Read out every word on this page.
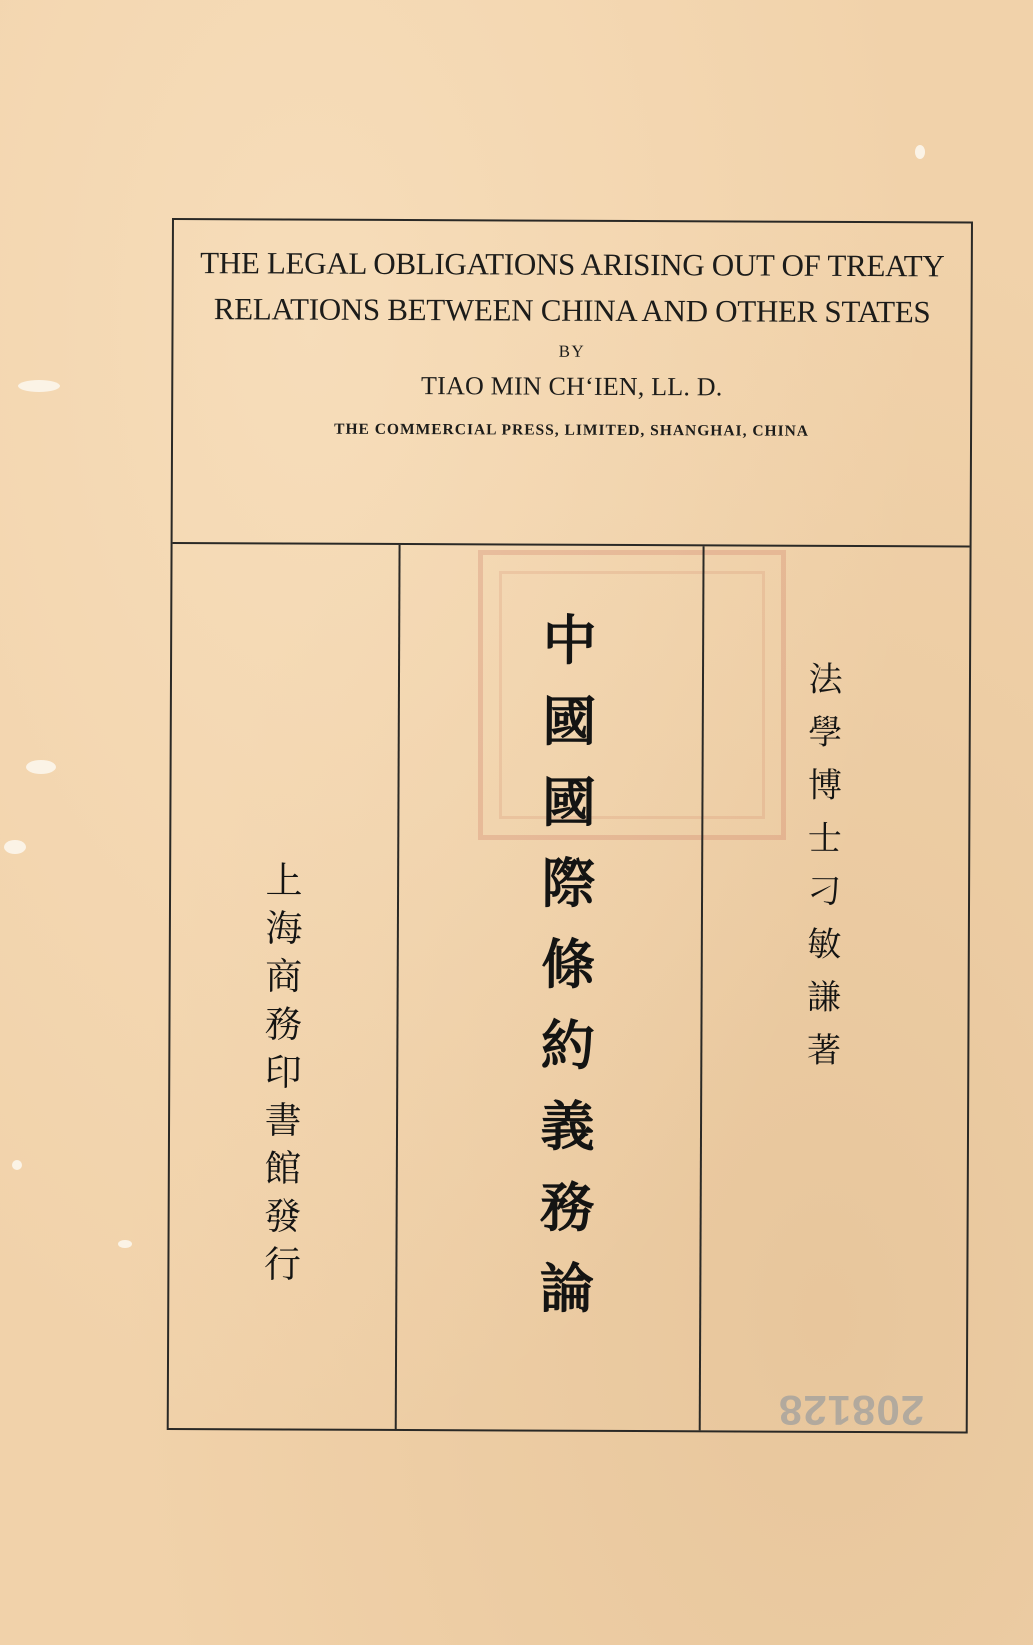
THE LEGAL OBLIGATIONS ARISING OUT OF TREATY RELATIONS BETWEEN CHINA AND OTHER STATES
BY
TIAO MIN CH‘IEN, LL. D.
THE COMMERCIAL PRESS, LIMITED, SHANGHAI, CHINA
上海商務印書館發行	中國國際條約義務論	法學博士刁敏謙著
208128
